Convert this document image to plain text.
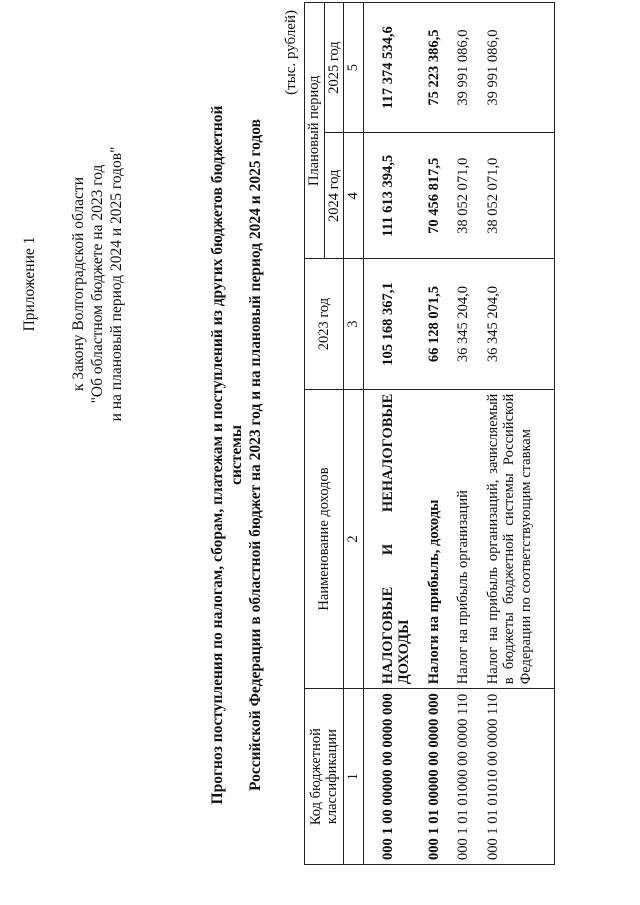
Приложение 1 к Закону Волгоградской области "Об областном бюджете на 2023 год и на плановый период 2024 и 2025 годов"	Прогноз поступления по налогам, сборам, платежам и поступлений из других бюджетов бюджетной системы Российской Федерации в областной бюджет на 2023 год и на плановый период 2024 и 2025 годов
(тыс. рублей)
Код бюджетной классификации	Наименование доходов	2023 год	Плановый период	
			2024 год	2025 год
1	2	3	4	5
000 1 00 00000 00 0000 000	НАЛОГОВЫЕ И НЕНАЛОГОВЫЕ ДОХОДЫ	105 168 367,1	111 613 394,5	117 374 534,6
000 1 01 00000 00 0000 000	Налоги на прибыль, доходы	66 128 071,5	70 456 817,5	75 223 386,5
000 1 01 01000 00 0000 110	Налог на прибыль организаций	36 345 204,0	38 052 071,0	39 991 086,0
000 1 01 01010 00 0000 110	Налог на прибыль организаций, зачисляемый в бюджеты бюджетной системы Российской Федерации по соответствующим ставкам	36 345 204,0	38 052 071,0	39 991 086,0
